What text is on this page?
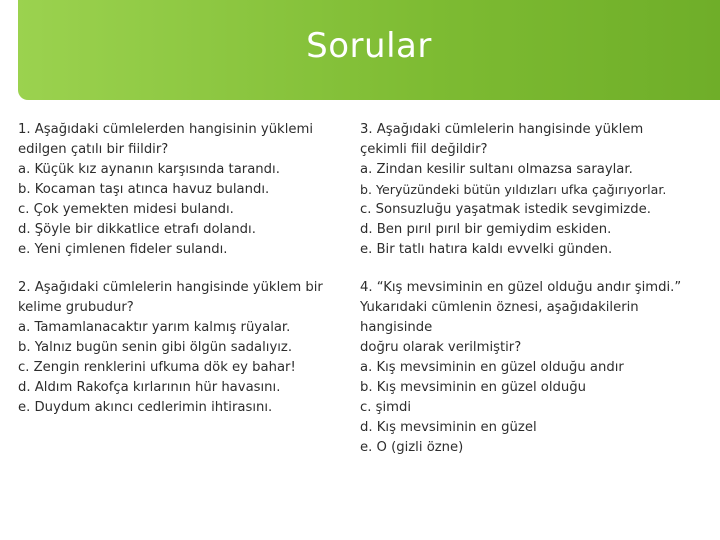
Sorular
1. Aşağıdaki cümlelerden hangisinin yüklemi
edilgen çatılı bir fiildir?
a. Küçük kız aynanın karşısında tarandı.
b. Kocaman taşı atınca havuz bulandı.
c. Çok yemekten midesi bulandı.
d. Şöyle bir dikkatlice etrafı dolandı.
e. Yeni çimlenen fideler sulandı.
2. Aşağıdaki cümlelerin hangisinde yüklem bir
kelime grubudur?
a. Tamamlanacaktır yarım kalmış rüyalar.
b. Yalnız bugün senin gibi ölgün sadalıyız.
c. Zengin renklerini ufkuma dök ey bahar!
d. Aldım Rakofça kırlarının hür havasını.
e. Duydum akıncı cedlerimin ihtirasını.
3. Aşağıdaki cümlelerin hangisinde yüklem
çekimli fiil değildir?
a. Zindan kesilir sultanı olmazsa saraylar.
b. Yeryüzündeki bütün yıldızları ufka çağırıyorlar.
c. Sonsuzluğu yaşatmak istedik sevgimizde.
d. Ben pırıl pırıl bir gemiydim eskiden.
e. Bir tatlı hatıra kaldı evvelki günden.
4. “Kış mevsiminin en güzel olduğu andır şimdi.”
Yukarıdaki cümlenin öznesi, aşağıdakilerin
hangisinde
doğru olarak verilmiştir?
a. Kış mevsiminin en güzel olduğu andır
b. Kış mevsiminin en güzel olduğu
c. şimdi
d. Kış mevsiminin en güzel
e. O (gizli özne)
